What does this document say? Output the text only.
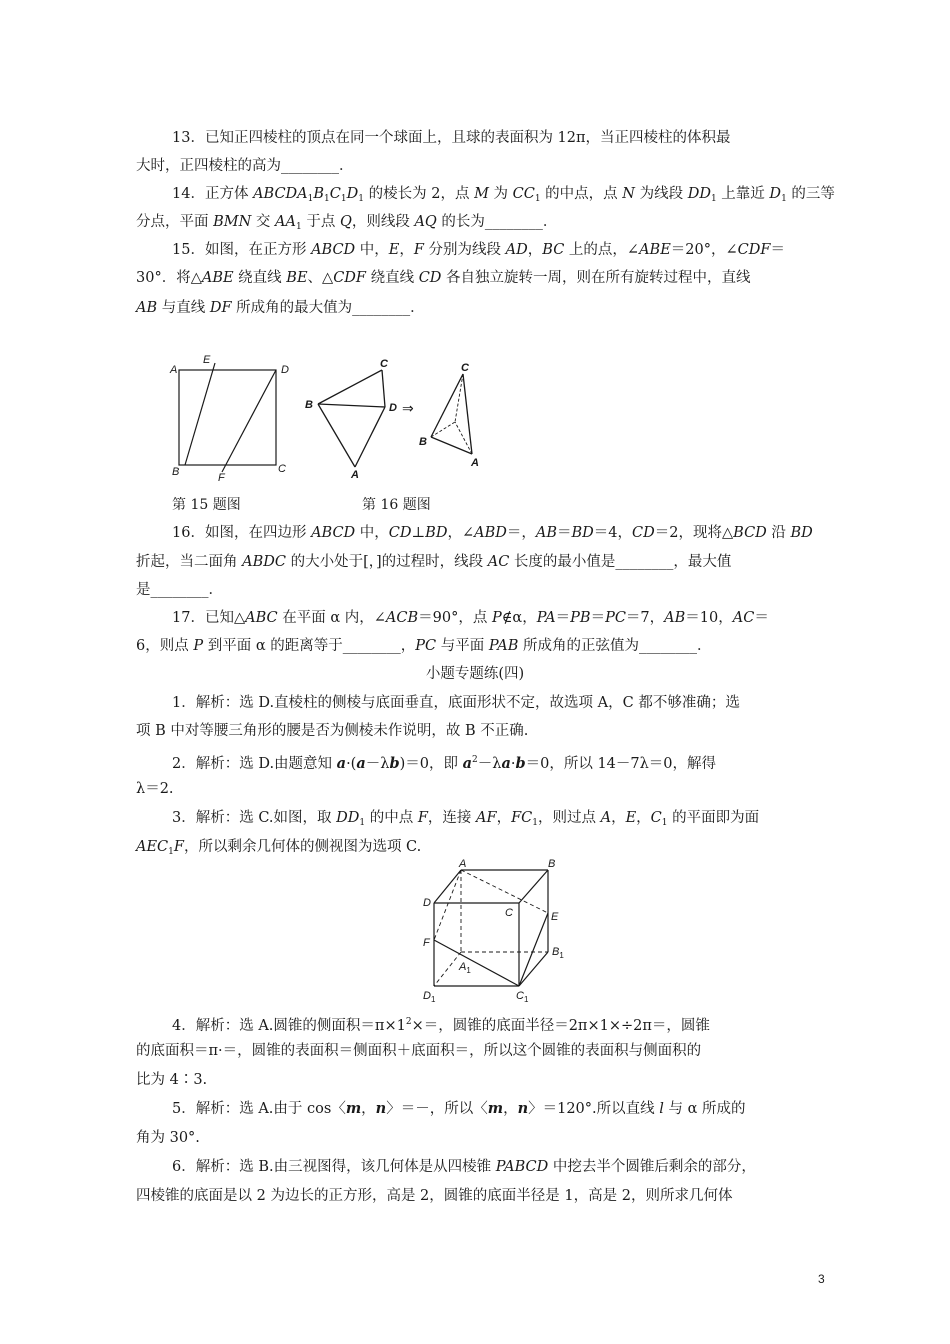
13．已知正四棱柱的顶点在同一个球面上，且球的表面积为 12π，当正四棱柱的体积最
大时，正四棱柱的高为________．
14．正方体 $ABCDA_1B_1C_1D_1$ 的棱长为 2，点 M 为 $CC_1$ 的中点，点 N 为线段 $DD_1$ 上靠近 $D_1$ 的三等
分点，平面 BMN 交 $AA_1$ 于点 Q，则线段 AQ 的长为________．
15．如图，在正方形 ABCD 中，E，F 分别为线段 AD，BC 上的点，∠ABE＝20°，∠CDF＝
30°．将△ABE 绕直线 BE、△CDF 绕直线 CD 各自独立旋转一周，则在所有旋转过程中，直线
AB 与直线 DF 所成角的最大值为________．
A
E
D
B	F
C
第 15 题图
C
B	D
A
⇒
C
B
A
第 16 题图
16．如图，在四边形 ABCD 中，CD⊥BD，∠ABD＝，AB＝BD＝4，CD＝2，现将△BCD 沿 BD
折起，当二面角 ABDC 的大小处于[，]的过程时，线段 AC 长度的最小值是________，最大值
是________．
17．已知△ABC 在平面 α 内，∠ACB＝90°，点 P∉α，PA＝PB＝PC＝7，AB＝10，AC＝
6，则点 P 到平面 α 的距离等于________，PC 与平面 PAB 所成角的正弦值为________．
小题专题练(四)
1．解析：选 D.直棱柱的侧棱与底面垂直，底面形状不定，故选项 A，C 都不够准确；选
项 B 中对等腰三角形的腰是否为侧棱未作说明，故 B 不正确.
2．解析：选 D.由题意知 a·(a－λb)＝0，即 $a^2-\lambda a\cdot b=0$，所以 14－7λ＝0，解得
λ＝2.
3．解析：选 C.如图，取 $DD_1$ 的中点 F，连接 AF，$FC_1$，则过点 A，E，$C_1$ 的平面即为面
$AEC_1F$，所以剩余几何体的侧视图为选项 C.
A	B
D
C	E
F
$A_1$
$B_1$
$D_1$	$C_1$
4．解析：选 A.圆锥的侧面积$=\pi\times 1^2\times=$，圆锥的底面半径＝2π×1×÷2π＝，圆锥
的底面积＝π·＝，圆锥的表面积＝侧面积＋底面积＝，所以这个圆锥的表面积与侧面积的
比为 4∶3.
5．解析：选 A.由于 cos〈m，n〉＝－，所以〈m，n〉＝120°.所以直线 l 与 α 所成的
角为 30°.
6．解析：选 B.由三视图得，该几何体是从四棱锥 PABCD 中挖去半个圆锥后剩余的部分，
四棱锥的底面是以 2 为边长的正方形，高是 2，圆锥的底面半径是 1，高是 2，则所求几何体
3
